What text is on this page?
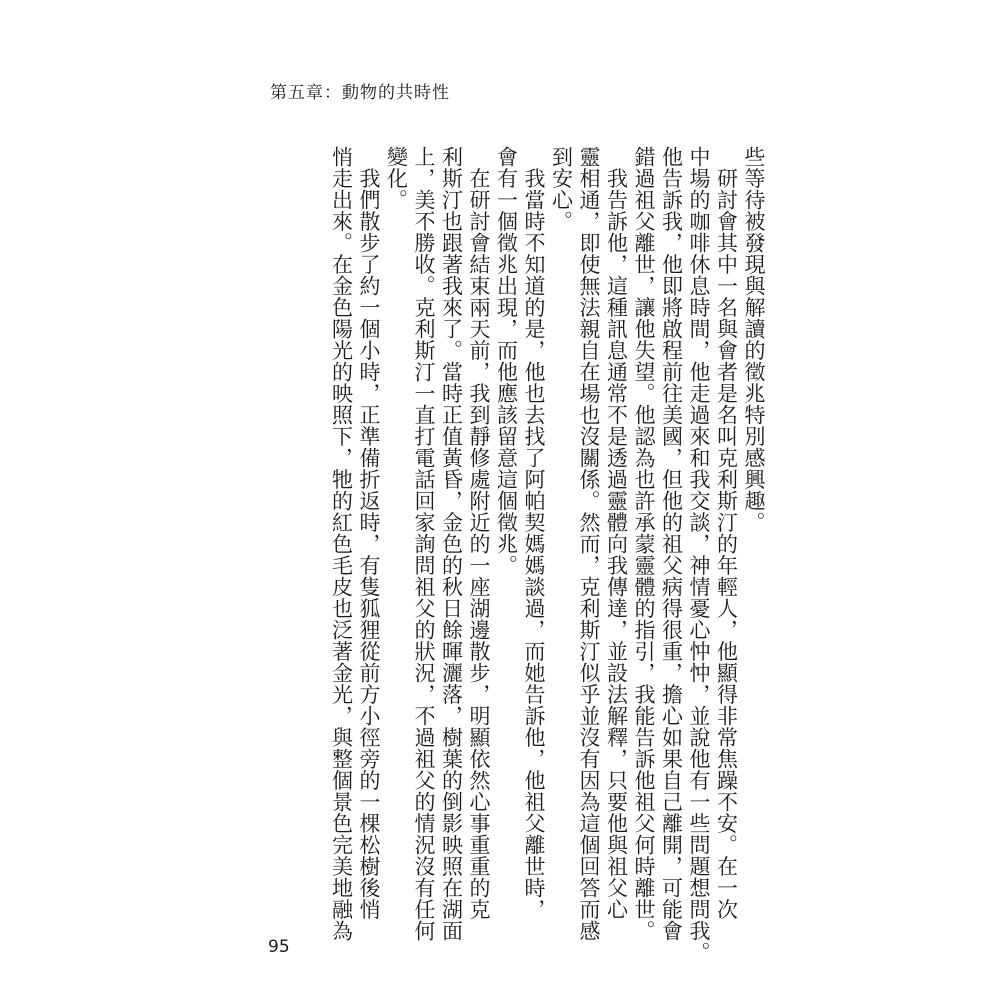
第五章：動物的共時性
些等待被發現與解讀的徵兆特別感興趣。
　研討會其中一名與會者是名叫克利斯汀的年輕人，他顯得非常焦躁不安。在一次
中場的咖啡休息時間，他走過來和我交談，神情憂心忡忡，並說他有一些問題想問我。
他告訴我，他即將啟程前往美國，但他的祖父病得很重，擔心如果自己離開，可能會
錯過祖父離世，讓他失望。他認為也許承蒙靈體的指引，我能告訴他祖父何時離世。
　我告訴他，這種訊息通常不是透過靈體向我傳達，並設法解釋，只要他與祖父心
靈相通，即使無法親自在場也沒關係。然而，克利斯汀似乎並沒有因為這個回答而感
到安心。
　我當時不知道的是，他也去找了阿帕契媽媽談過，而她告訴他，他祖父離世時，
會有一個徵兆出現，而他應該留意這個徵兆。
　在研討會結束兩天前，我到靜修處附近的一座湖邊散步，明顯依然心事重重的克
利斯汀也跟著我來了。當時正值黃昏，金色的秋日餘暉灑落，樹葉的倒影映照在湖面
上，美不勝收。克利斯汀一直打電話回家詢問祖父的狀況，不過祖父的情況沒有任何
變化。
　我們散步了約一個小時，正準備折返時，有隻狐狸從前方小徑旁的一棵松樹後悄
悄走出來。在金色陽光的映照下，牠的紅色毛皮也泛著金光，與整個景色完美地融為
95
